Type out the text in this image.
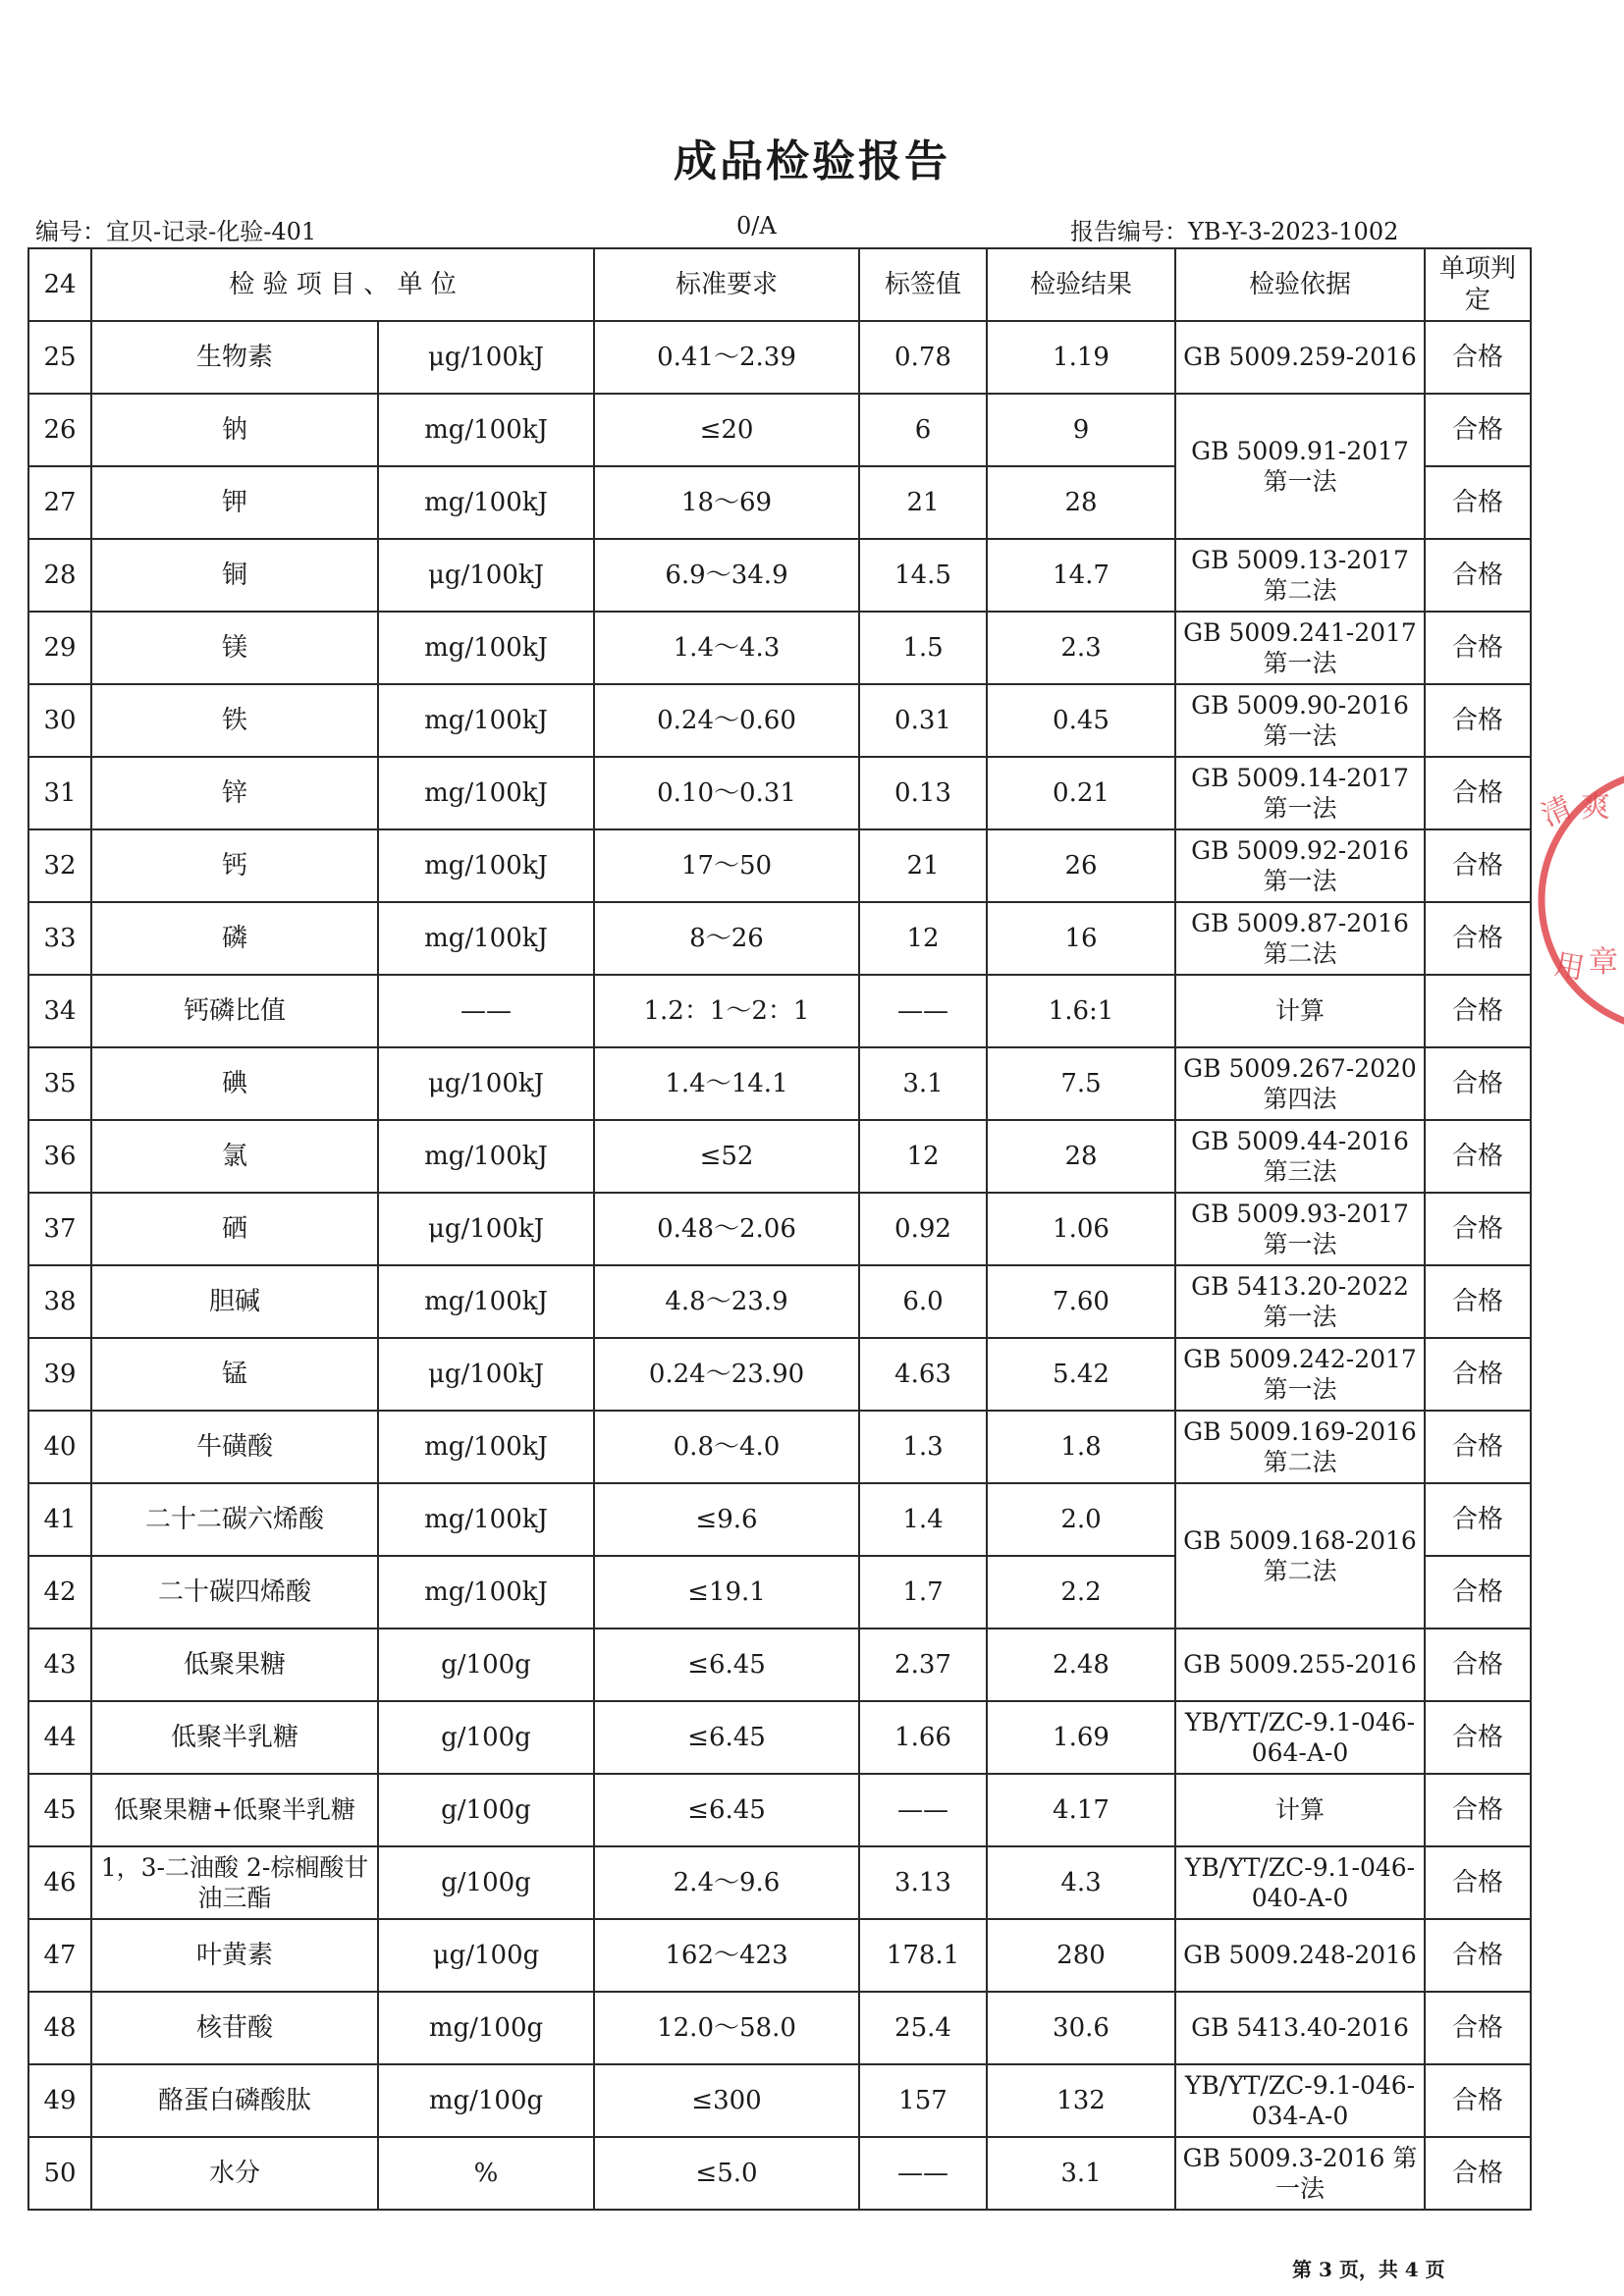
成品检验报告
编号：宜贝-记录-化验-401	0/A	报告编号：YB-Y-3-2023-1002
24	检 验 项 目 、 单 位		标准要求	标签值	检验结果	检验依据	单项判定
25	生物素	μg/100kJ	0.41～2.39	0.78	1.19	GB 5009.259-2016	合格
26	钠	mg/100kJ	≤20	6	9	GB 5009.91-2017 第一法	合格
27	钾	mg/100kJ	18～69	21	28		合格
28	铜	μg/100kJ	6.9～34.9	14.5	14.7	GB 5009.13-2017 第二法	合格
29	镁	mg/100kJ	1.4～4.3	1.5	2.3	GB 5009.241-2017 第一法	合格
30	铁	mg/100kJ	0.24～0.60	0.31	0.45	GB 5009.90-2016 第一法	合格
31	锌	mg/100kJ	0.10～0.31	0.13	0.21	GB 5009.14-2017 第一法	合格
32	钙	mg/100kJ	17～50	21	26	GB 5009.92-2016 第一法	合格
33	磷	mg/100kJ	8～26	12	16	GB 5009.87-2016 第二法	合格
34	钙磷比值	——	1.2：1～2：1	——	1.6:1	计算	合格
35	碘	μg/100kJ	1.4～14.1	3.1	7.5	GB 5009.267-2020 第四法	合格
36	氯	mg/100kJ	≤52	12	28	GB 5009.44-2016 第三法	合格
37	硒	μg/100kJ	0.48～2.06	0.92	1.06	GB 5009.93-2017 第一法	合格
38	胆碱	mg/100kJ	4.8～23.9	6.0	7.60	GB 5413.20-2022 第一法	合格
39	锰	μg/100kJ	0.24～23.90	4.63	5.42	GB 5009.242-2017 第一法	合格
40	牛磺酸	mg/100kJ	0.8～4.0	1.3	1.8	GB 5009.169-2016 第二法	合格
41	二十二碳六烯酸	mg/100kJ	≤9.6	1.4	2.0	GB 5009.168-2016 第二法	合格
42	二十碳四烯酸	mg/100kJ	≤19.1	1.7	2.2		合格
43	低聚果糖	g/100g	≤6.45	2.37	2.48	GB 5009.255-2016	合格
44	低聚半乳糖	g/100g	≤6.45	1.66	1.69	YB/YT/ZC-9.1-046-064-A-0	合格
45	低聚果糖+低聚半乳糖	g/100g	≤6.45	——	4.17	计算	合格
46	1，3-二油酸 2-棕榈酸甘油三酯	g/100g	2.4～9.6	3.13	4.3	YB/YT/ZC-9.1-046-040-A-0	合格
47	叶黄素	μg/100g	162～423	178.1	280	GB 5009.248-2016	合格
48	核苷酸	mg/100g	12.0～58.0	25.4	30.6	GB 5413.40-2016	合格
49	酪蛋白磷酸肽	mg/100g	≤300	157	132	YB/YT/ZC-9.1-046-034-A-0	合格
50	水分	%	≤5.0	——	3.1	GB 5009.3-2016 第一法	合格
清 爽
用 章
第 3 页，共 4 页
